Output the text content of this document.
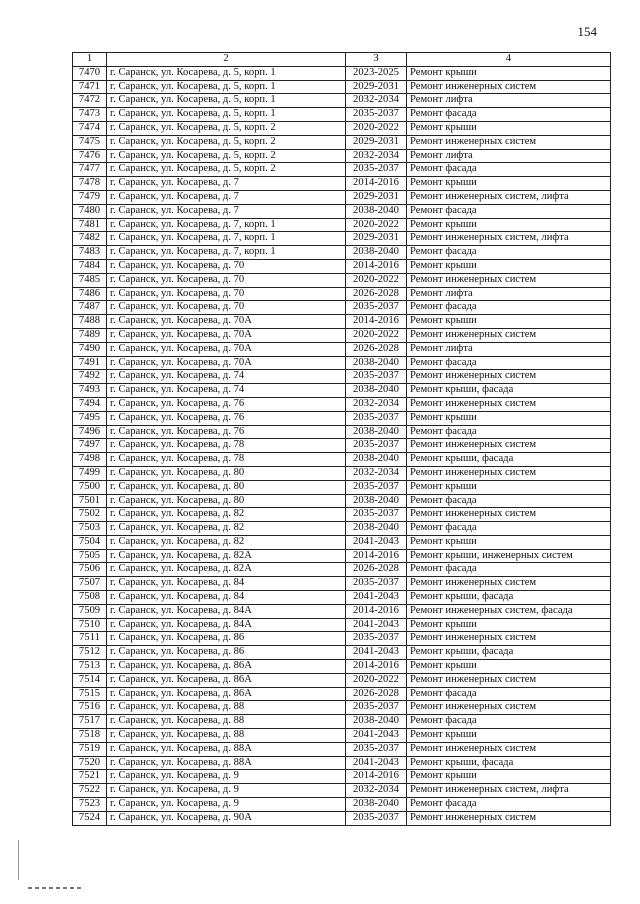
154
1	2	3	4
7470	г. Саранск, ул. Косарева, д. 5, корп. 1	2023-2025	Ремонт крыши
7471	г. Саранск, ул. Косарева, д. 5, корп. 1	2029-2031	Ремонт инженерных систем
7472	г. Саранск, ул. Косарева, д. 5, корп. 1	2032-2034	Ремонт лифта
7473	г. Саранск, ул. Косарева, д. 5, корп. 1	2035-2037	Ремонт фасада
7474	г. Саранск, ул. Косарева, д. 5, корп. 2	2020-2022	Ремонт крыши
7475	г. Саранск, ул. Косарева, д. 5, корп. 2	2029-2031	Ремонт инженерных систем
7476	г. Саранск, ул. Косарева, д. 5, корп. 2	2032-2034	Ремонт лифта
7477	г. Саранск, ул. Косарева, д. 5, корп. 2	2035-2037	Ремонт фасада
7478	г. Саранск, ул. Косарева, д. 7	2014-2016	Ремонт крыши
7479	г. Саранск, ул. Косарева, д. 7	2029-2031	Ремонт инженерных систем, лифта
7480	г. Саранск, ул. Косарева, д. 7	2038-2040	Ремонт фасада
7481	г. Саранск, ул. Косарева, д. 7, корп. 1	2020-2022	Ремонт крыши
7482	г. Саранск, ул. Косарева, д. 7, корп. 1	2029-2031	Ремонт инженерных систем, лифта
7483	г. Саранск, ул. Косарева, д. 7, корп. 1	2038-2040	Ремонт фасада
7484	г. Саранск, ул. Косарева, д. 70	2014-2016	Ремонт крыши
7485	г. Саранск, ул. Косарева, д. 70	2020-2022	Ремонт инженерных систем
7486	г. Саранск, ул. Косарева, д. 70	2026-2028	Ремонт лифта
7487	г. Саранск, ул. Косарева, д. 70	2035-2037	Ремонт фасада
7488	г. Саранск, ул. Косарева, д. 70А	2014-2016	Ремонт крыши
7489	г. Саранск, ул. Косарева, д. 70А	2020-2022	Ремонт инженерных систем
7490	г. Саранск, ул. Косарева, д. 70А	2026-2028	Ремонт лифта
7491	г. Саранск, ул. Косарева, д. 70А	2038-2040	Ремонт фасада
7492	г. Саранск, ул. Косарева, д. 74	2035-2037	Ремонт инженерных систем
7493	г. Саранск, ул. Косарева, д. 74	2038-2040	Ремонт крыши, фасада
7494	г. Саранск, ул. Косарева, д. 76	2032-2034	Ремонт инженерных систем
7495	г. Саранск, ул. Косарева, д. 76	2035-2037	Ремонт крыши
7496	г. Саранск, ул. Косарева, д. 76	2038-2040	Ремонт фасада
7497	г. Саранск, ул. Косарева, д. 78	2035-2037	Ремонт инженерных систем
7498	г. Саранск, ул. Косарева, д. 78	2038-2040	Ремонт крыши, фасада
7499	г. Саранск, ул. Косарева, д. 80	2032-2034	Ремонт инженерных систем
7500	г. Саранск, ул. Косарева, д. 80	2035-2037	Ремонт крыши
7501	г. Саранск, ул. Косарева, д. 80	2038-2040	Ремонт фасада
7502	г. Саранск, ул. Косарева, д. 82	2035-2037	Ремонт инженерных систем
7503	г. Саранск, ул. Косарева, д. 82	2038-2040	Ремонт фасада
7504	г. Саранск, ул. Косарева, д. 82	2041-2043	Ремонт крыши
7505	г. Саранск, ул. Косарева, д. 82А	2014-2016	Ремонт крыши, инженерных систем
7506	г. Саранск, ул. Косарева, д. 82А	2026-2028	Ремонт фасада
7507	г. Саранск, ул. Косарева, д. 84	2035-2037	Ремонт инженерных систем
7508	г. Саранск, ул. Косарева, д. 84	2041-2043	Ремонт крыши, фасада
7509	г. Саранск, ул. Косарева, д. 84А	2014-2016	Ремонт инженерных систем, фасада
7510	г. Саранск, ул. Косарева, д. 84А	2041-2043	Ремонт крыши
7511	г. Саранск, ул. Косарева, д. 86	2035-2037	Ремонт инженерных систем
7512	г. Саранск, ул. Косарева, д. 86	2041-2043	Ремонт крыши, фасада
7513	г. Саранск, ул. Косарева, д. 86А	2014-2016	Ремонт крыши
7514	г. Саранск, ул. Косарева, д. 86А	2020-2022	Ремонт инженерных систем
7515	г. Саранск, ул. Косарева, д. 86А	2026-2028	Ремонт фасада
7516	г. Саранск, ул. Косарева, д. 88	2035-2037	Ремонт инженерных систем
7517	г. Саранск, ул. Косарева, д. 88	2038-2040	Ремонт фасада
7518	г. Саранск, ул. Косарева, д. 88	2041-2043	Ремонт крыши
7519	г. Саранск, ул. Косарева, д. 88А	2035-2037	Ремонт инженерных систем
7520	г. Саранск, ул. Косарева, д. 88А	2041-2043	Ремонт крыши, фасада
7521	г. Саранск, ул. Косарева, д. 9	2014-2016	Ремонт крыши
7522	г. Саранск, ул. Косарева, д. 9	2032-2034	Ремонт инженерных систем, лифта
7523	г. Саранск, ул. Косарева, д. 9	2038-2040	Ремонт фасада
7524	г. Саранск, ул. Косарева, д. 90А	2035-2037	Ремонт инженерных систем
